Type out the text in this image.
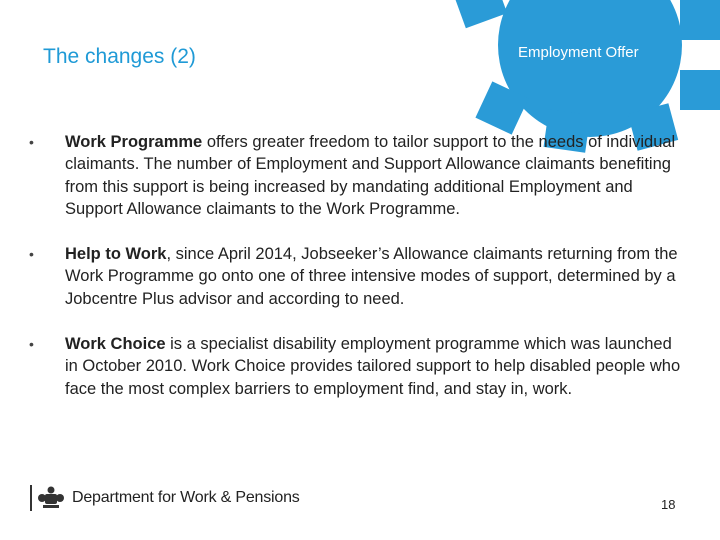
The changes (2)	Employment Offer
• Work Programme offers greater freedom to tailor support to the needs of individual claimants. The number of Employment and Support Allowance claimants benefiting from this support is being increased by mandating additional Employment and Support Allowance claimants to the Work Programme.
• Help to Work, since April 2014, Jobseeker’s Allowance claimants returning from the Work Programme go onto one of three intensive modes of support, determined by a Jobcentre Plus advisor and according to need.
• Work Choice is a specialist disability employment programme which was launched in October 2010. Work Choice provides tailored support to help disabled people who face the most complex barriers to employment find, and stay in, work.
Department for Work & Pensions	18
